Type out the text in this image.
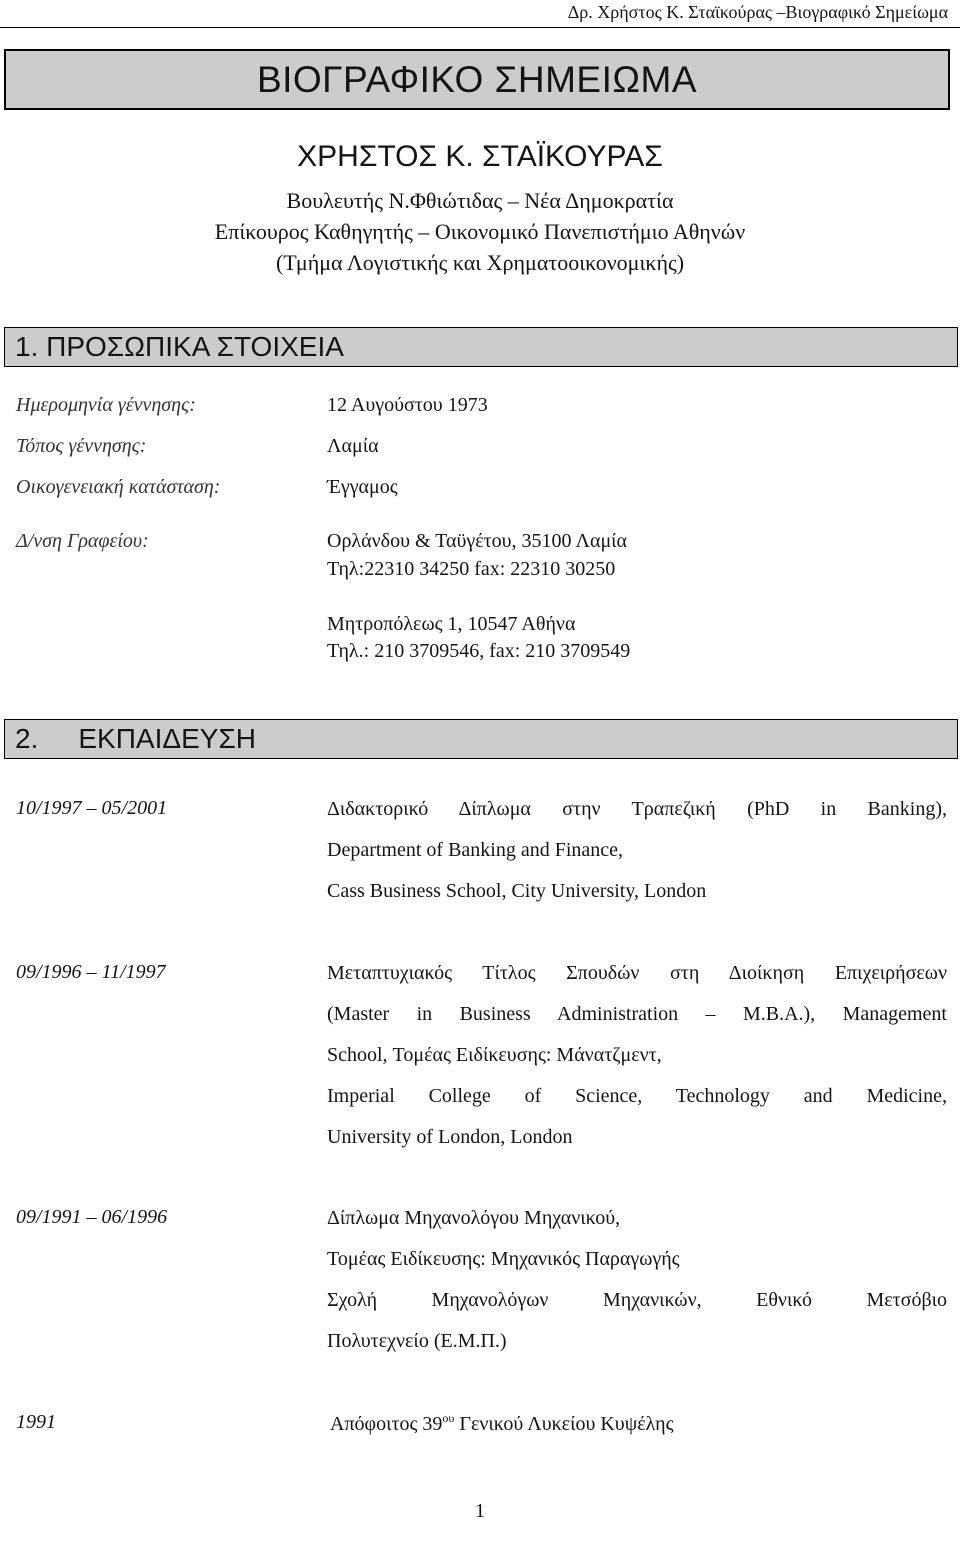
Δρ. Χρήστος Κ. Σταϊκούρας –Βιογραφικό Σημείωμα
ΒΙΟΓΡΑΦΙΚΟ ΣΗΜΕΙΩΜΑ
ΧΡΗΣΤΟΣ Κ. ΣΤΑΪΚΟΥΡΑΣ
Βουλευτής Ν.Φθιώτιδας – Νέα Δημοκρατία
Επίκουρος Καθηγητής – Οικονομικό Πανεπιστήμιο Αθηνών
(Τμήμα Λογιστικής και Χρηματοοικονομικής)
1. ΠΡΟΣΩΠΙΚΑ ΣΤΟΙΧΕΙΑ
Ημερομηνία γέννησης:	12 Αυγούστου 1973
Τόπος γέννησης:	Λαμία
Οικογενειακή κατάσταση:	Έγγαμος
Δ/νση Γραφείου:	Ορλάνδου & Ταϋγέτου, 35100 Λαμία
Τηλ:22310 34250 fax: 22310 30250
Μητροπόλεως 1, 10547 Αθήνα
Τηλ.: 210 3709546, fax: 210 3709549
2.	ΕΚΠΑΙΔΕΥΣΗ
10/1997 – 05/2001	Διδακτορικό Δίπλωμα στην Τραπεζική (PhD in Banking),
Department of Banking and Finance,
Cass Business School, City University, London
09/1996 – 11/1997	Μεταπτυχιακός Τίτλος Σπουδών στη Διοίκηση Επιχειρήσεων
(Master in Business Administration – M.B.A.), Management
School, Τομέας Ειδίκευσης: Μάνατζμεντ,
Imperial College of Science, Technology and Medicine,
University of London, London
09/1991 – 06/1996	Δίπλωμα Μηχανολόγου Μηχανικού,
Τομέας Ειδίκευσης: Μηχανικός Παραγωγής
Σχολή Μηχανολόγων Μηχανικών, Εθνικό Μετσόβιο
Πολυτεχνείο (Ε.Μ.Π.)
1991	Απόφοιτος $39^{o\upsilon}$ Γενικού Λυκείου Κυψέλης
1
